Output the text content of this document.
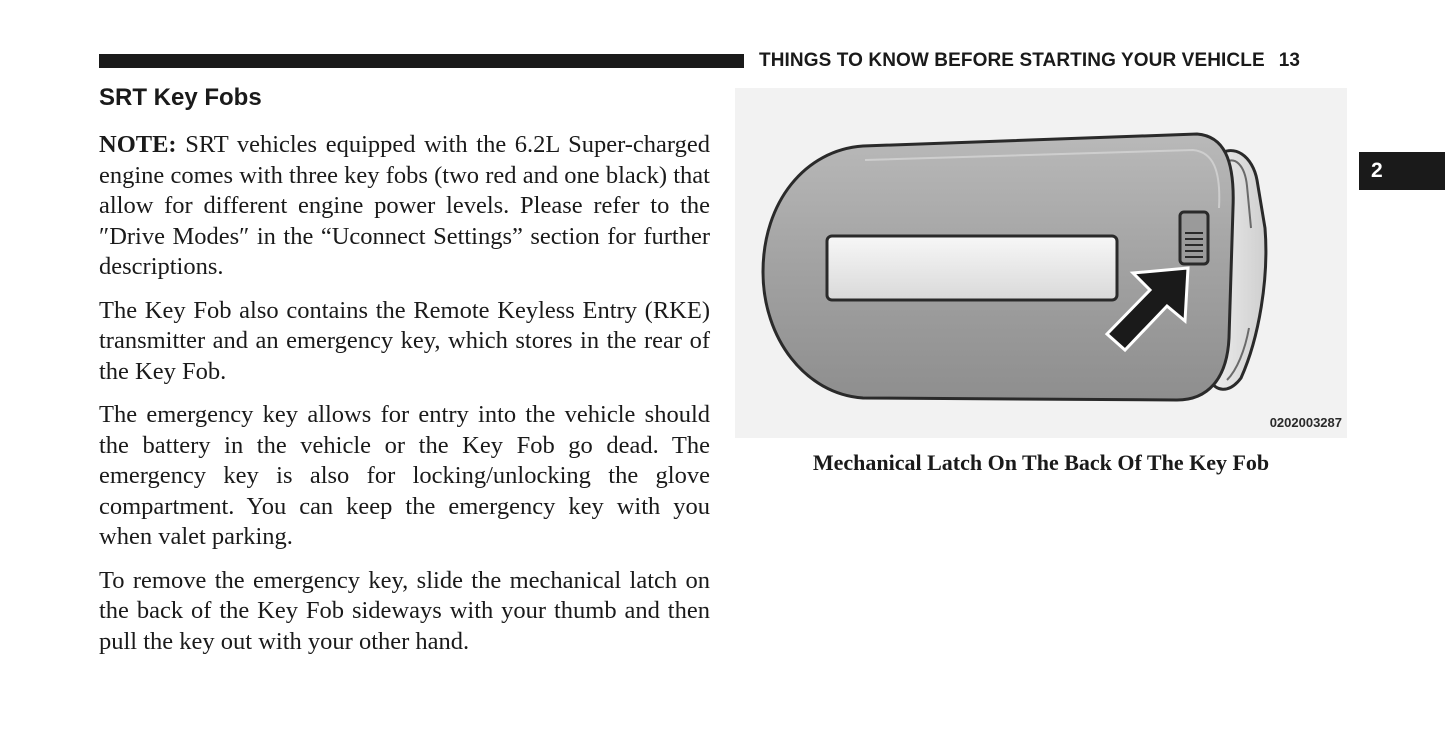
THINGS TO KNOW BEFORE STARTING YOUR VEHICLE 13
2
SRT Key Fobs

NOTE: SRT vehicles equipped with the 6.2L Super-charged engine comes with three key fobs (two red and one black) that allow for different engine power levels. Please refer to the ″Drive Modes″ in the “Uconnect Settings” section for further descriptions.

The Key Fob also contains the Remote Keyless Entry (RKE) transmitter and an emergency key, which stores in the rear of the Key Fob.

The emergency key allows for entry into the vehicle should the battery in the vehicle or the Key Fob go dead. The emergency key is also for locking/unlocking the glove compartment. You can keep the emergency key with you when valet parking.

To remove the emergency key, slide the mechanical latch on the back of the Key Fob sideways with your thumb and then pull the key out with your other hand.

0202003287
Mechanical Latch On The Back Of The Key Fob
